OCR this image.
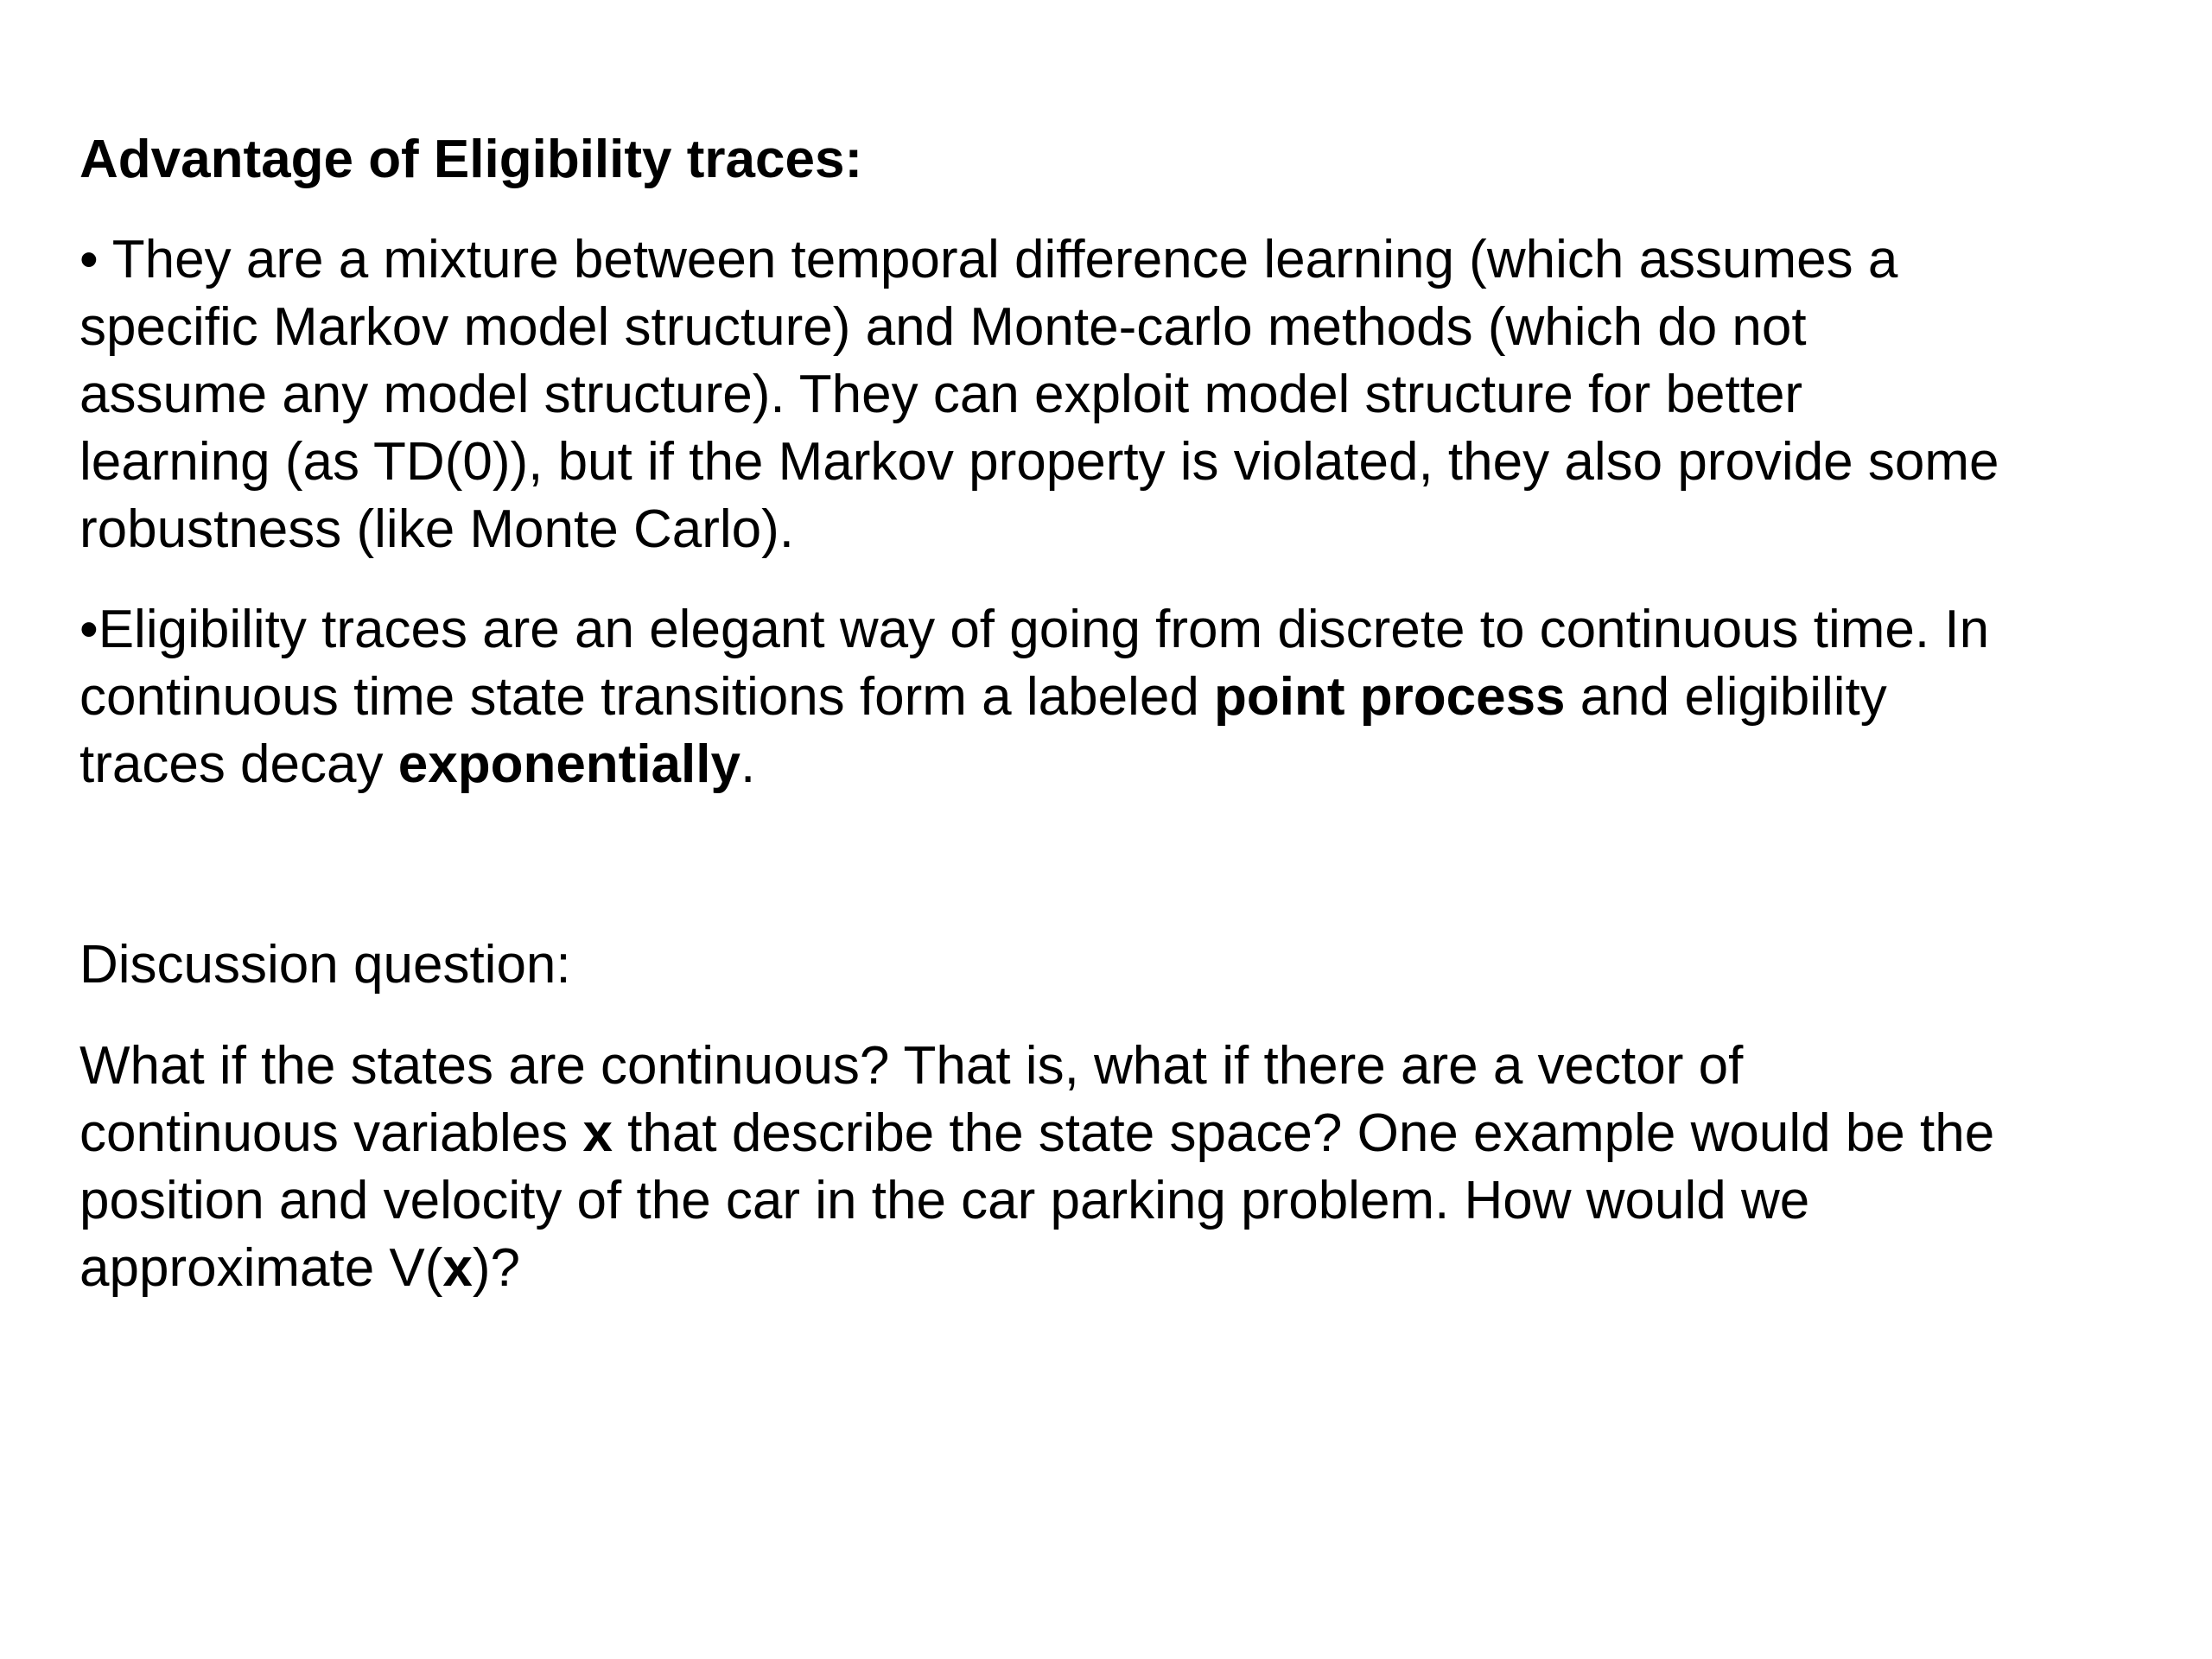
Advantage of Eligibility traces:
• They are a mixture between temporal difference learning (which assumes a
specific Markov model structure) and Monte-carlo methods (which do not
assume any model structure). They can exploit model structure for better
learning (as TD(0)), but if the Markov property is violated, they also provide some
robustness (like Monte Carlo).
•Eligibility traces are an elegant way of going from discrete to continuous time. In
continuous time state transitions form a labeled point process and eligibility
traces decay exponentially.
Discussion question:
What if the states are continuous? That is, what if there are a vector of
continuous variables x that describe the state space? One example would be the
position and velocity of the car in the car parking problem. How would we
approximate V(x)?
